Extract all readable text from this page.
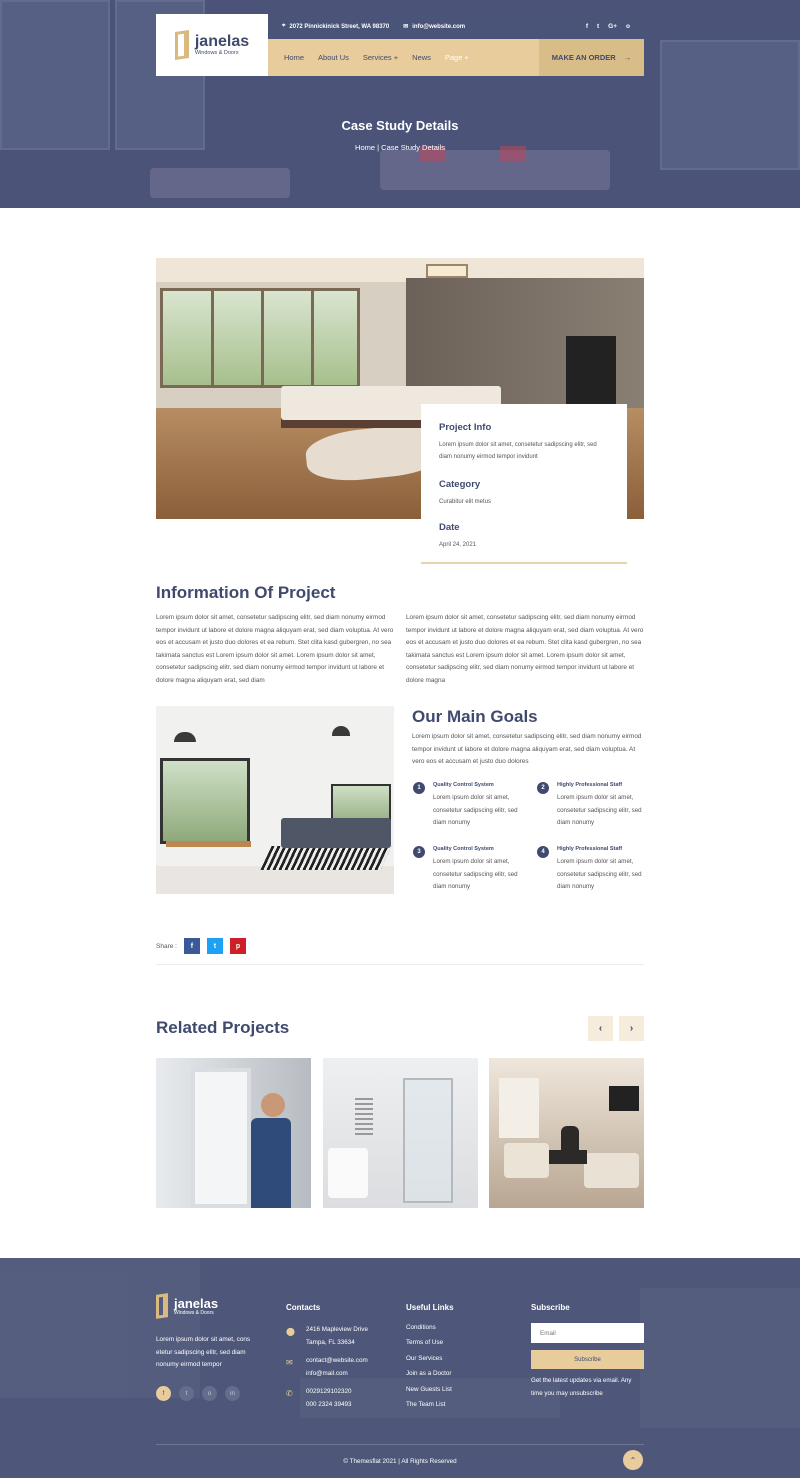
janelas
Windows & Doors
⌖ 2072 Pinnickinick Street, WA 98370 ✉ info@website.com	f t G+ o
Home About Us Services + News Page +	MAKE AN ORDER →
Case Study Details
Home | Case Study Details
Project Info

Lorem ipsum dolor sit amet, consetetur sadipscing elitr, sed diam nonumy eirmod tempor invidunt

Category

Curabitur elit metus

Date

April 24, 2021

Information Of Project
Lorem ipsum dolor sit amet, consetetur sadipscing elitr, sed diam nonumy eirmod tempor invidunt ut labore et dolore magna aliquyam erat, sed diam voluptua. At vero eos et accusam et justo duo dolores et ea rebum. Stet clita kasd gubergren, no sea takimata sanctus est Lorem ipsum dolor sit amet. Lorem ipsum dolor sit amet, consetetur sadipscing elitr, sed diam nonumy eirmod tempor invidunt ut labore et dolore magna aliquyam erat, sed diam
Lorem ipsum dolor sit amet, consetetur sadipscing elitr, sed diam nonumy eirmod tempor invidunt ut labore et dolore magna aliquyam erat, sed diam voluptua. At vero eos et accusam et justo duo dolores et ea rebum. Stet clita kasd gubergren, no sea takimata sanctus est Lorem ipsum dolor sit amet. Lorem ipsum dolor sit amet, consetetur sadipscing elitr, sed diam nonumy eirmod tempor invidunt ut labore et dolore magna
Our Main Goals
Lorem ipsum dolor sit amet, consetetur sadipscing elitr, sed diam nonumy eirmod tempor invidunt ut labore et dolore magna aliquyam erat, sed diam voluptua. At vero eos et accusam et justo duo dolores
1	Quality Control System
Lorem ipsum dolor sit amet, consetetur sadipscing elitr, sed diam nonumy
2	Highly Professional Staff
Lorem ipsum dolor sit amet, consetetur sadipscing elitr, sed diam nonumy
3	Quality Control System
Lorem ipsum dolor sit amet, consetetur sadipscing elitr, sed diam nonumy
4	Highly Professional Staff
Lorem ipsum dolor sit amet, consetetur sadipscing elitr, sed diam nonumy
Share :	f	t	p
Related Projects	‹	›
janelas
Windows & Doors
Lorem ipsum dolor sit amet, cons etetur sadipscing elitr, sed diam nonumy eirmod tempor
f	t	o	in
Contacts
⬤ 2416 Mapleview Drive
Tampa, FL 33634
✉	contact@website.com
info@mail.com
✆	0029129102320
000 2324 39493
Useful Links
Conditions
Terms of Use
Our Services
Join as a Doctor
New Guests List
The Team List
Subscribe
Email
Subscribe
Get the latest updates via email. Any time you may unsubscribe
© Themesflat 2021 | All Rights Reserved	⌃
